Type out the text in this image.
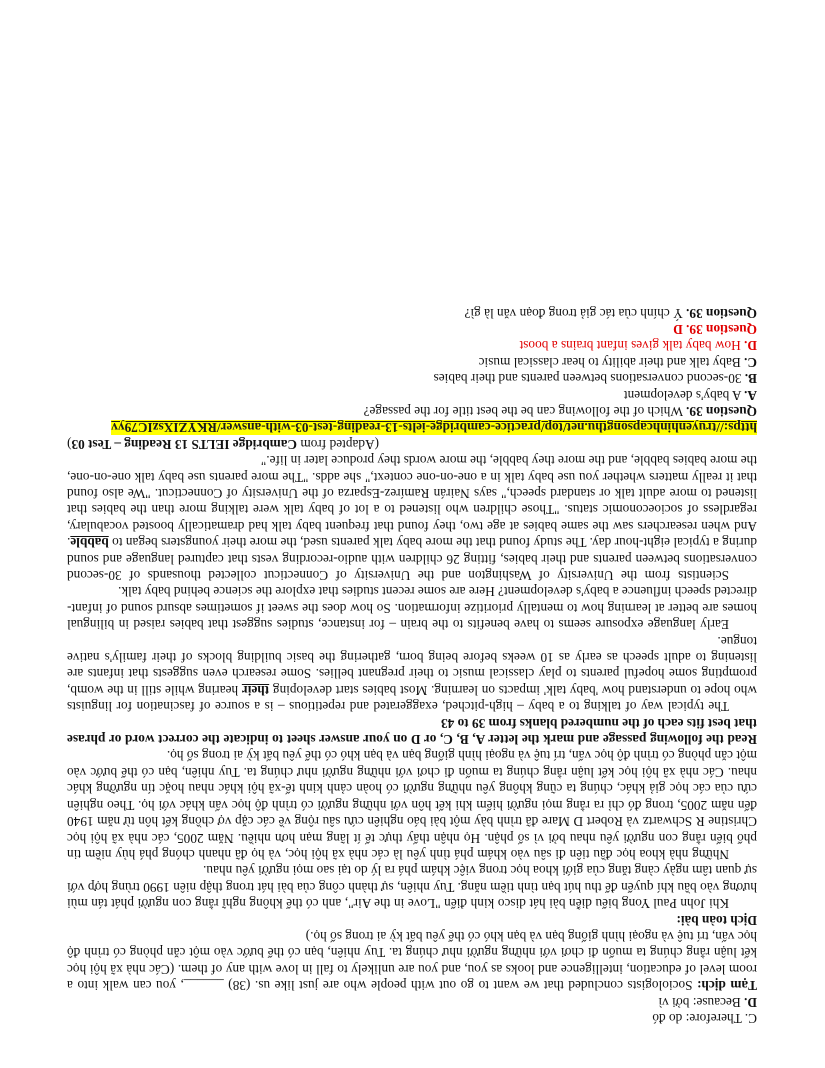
C. Therefore: do đó

D. Because: bởi vì

Tạm dịch: Sociologists concluded that we want to go out with people who are just like us. (38) ______, you can walk into a room level of education, intelligence and looks as you, and you are unlikely to fall in love with any of them. (Các nhà xã hội học kết luận rằng chúng ta muốn đi chơi với những người như chúng ta. Tuy nhiên, bạn có thể bước vào một căn phòng có trình độ học vấn, trí tuệ và ngoại hình giống bạn và bạn khó có thể yêu bất kỳ ai trong số họ.)

Dịch toàn bài:

Khi John Paul Yong biểu diễn bài hát disco kinh điển "Love in the Air", anh có thể không nghĩ rằng con người phát tán mùi hương vào bầu khí quyển để thu hút bạn tình tiềm năng. Tuy nhiên, sự thành công của bài hát trong thập niên 1990 trùng hợp với sự quan tâm ngày càng tăng của giới khoa học trong việc khám phá ra lý do tại sao mọi người yêu nhau.

Những nhà khoa học đầu tiên đi sâu vào khám phá tình yêu là các nhà xã hội học, và họ đã nhanh chóng phá hủy niềm tin phổ biến rằng con người yêu nhau bởi vì số phận. Họ nhận thấy thực tế ít lãng mạn hơn nhiều. Năm 2005, các nhà xã hội học Christine R Schwartz và Robert D Mare đã trình bày một bài báo nghiên cứu sâu rộng về các cặp vợ chồng kết hôn từ năm 1940 đến năm 2005, trong đó chỉ ra rằng mọi người hiếm khi kết hôn với những người có trình độ học vấn khác với họ. Theo nghiên cứu của các học giả khác, chúng ta cũng không yêu những người có hoàn cảnh kinh tế-xã hội khác nhau hoặc tín ngưỡng khác nhau. Các nhà xã hội học kết luận rằng chúng ta muốn đi chơi với những người như chúng ta. Tuy nhiên, bạn có thể bước vào một căn phòng có trình độ học vấn, trí tuệ và ngoại hình giống bạn và bạn khó có thể yêu bất kỳ ai trong số họ.

Read the following passage and mark the letter A, B, C, or D on your answer sheet to indicate the correct word or phrase that best fits each of the numbered blanks from 39 to 43

The typical way of talking to a baby – high-pitched, exaggerated and repetitious – is a source of fascination for linguists who hope to understand how 'baby talk' impacts on learning. Most babies start developing their hearing while still in the womb, prompting some hopeful parents to play classical music to their pregnant bellies. Some research even suggests that infants are listening to adult speech as early as 10 weeks before being born, gathering the basic building blocks of their family's native tongue.

Early language exposure seems to have benefits to the brain – for instance, studies suggest that babies raised in bilingual homes are better at learning how to mentally prioritize information. So how does the sweet if sometimes absurd sound of infant-directed speech influence a baby's development? Here are some recent studies that explore the science behind baby talk.

Scientists from the University of Washington and the University of Connecticut collected thousands of 30-second conversations between parents and their babies, fitting 26 children with audio-recording vests that captured language and sound during a typical eight-hour day. The study found that the more baby talk parents used, the more their youngsters began to babble. And when researchers saw the same babies at age two, they found that frequent baby talk had dramatically boosted vocabulary, regardless of socioeconomic status. "Those children who listened to a lot of baby talk were talking more than the babies that listened to more adult talk or standard speech," says Nairán Ramírez-Esparza of the University of Connecticut. "We also found that it really matters whether you use baby talk in a one-on-one context," she adds. "The more parents use baby talk one-on-one, the more babies babble, and the more they babble, the more words they produce later in life."

(Adapted from Cambridge IELTS 13 Reading – Test 03)

https://truyenhinhcapsongthu.net/top/practice-cambridge-ielts-13-reading-test-03-with-answer/RKYZIXszIC79yv

Question 39. Which of the following can be the best title for the passage?

A. A baby's development

B. 30-second conversations between parents and their babies

C. Baby talk and their ability to hear classical music

D. How baby talk gives infant brains a boost

Question 39. D

Question 39. Ý chính của tác giả trong đoạn văn là gì?
